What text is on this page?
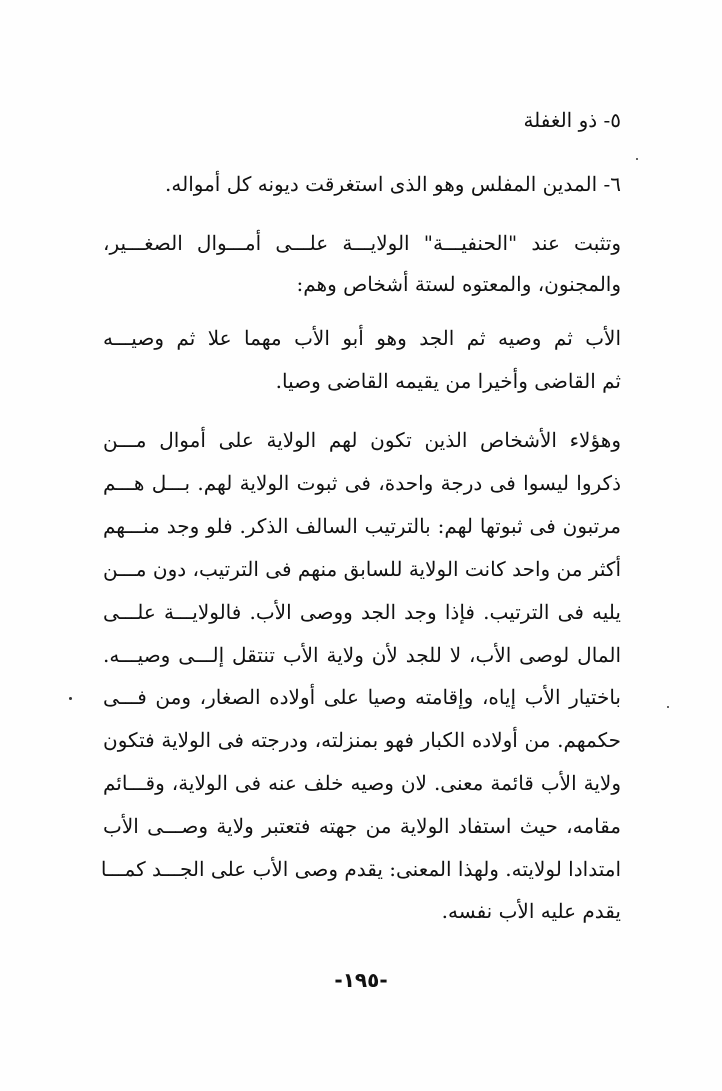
٥- ذو الغفلة
٦- المدين المفلس وهو الذى استغرقت ديونه كل أمواله.
وتثبت عند "الحنفيـــة" الولايـــة علـــى أمـــوال الصغـــير،
والمجنون، والمعتوه لستة أشخاص وهم:
الأب ثم وصيه ثم الجد وهو أبو الأب مهما علا ثم وصيـــه
ثم القاضى وأخيرا من يقيمه القاضى وصيا.
وهؤلاء الأشخاص الذين تكون لهم الولاية على أموال مـــن
ذكروا ليسوا فى درجة واحدة، فى ثبوت الولاية لهم. بـــل هـــم
مرتبون فى ثبوتها لهم: بالترتيب السالف الذكر. فلو وجد منـــهم
أكثر من واحد كانت الولاية للسابق منهم فى الترتيب، دون مـــن
يليه فى الترتيب. فإذا وجد الجد ووصى الأب. فالولايـــة علـــى
المال لوصى الأب، لا للجد لأن ولاية الأب تنتقل إلـــى وصيـــه.
باختيار الأب إياه، وإقامته وصيا على أولاده الصغار، ومن فـــى
حكمهم. من أولاده الكبار فهو بمنزلته، ودرجته فى الولاية فتكون
ولاية الأب قائمة معنى. لان وصيه خلف عنه فى الولاية، وقـــائم
مقامه، حيث استفاد الولاية من جهته فتعتبر ولاية وصـــى الأب
امتدادا لولايته. ولهذا المعنى: يقدم وصى الأب على الجـــد كمـــا
يقدم عليه الأب نفسه.
-١٩٥-
